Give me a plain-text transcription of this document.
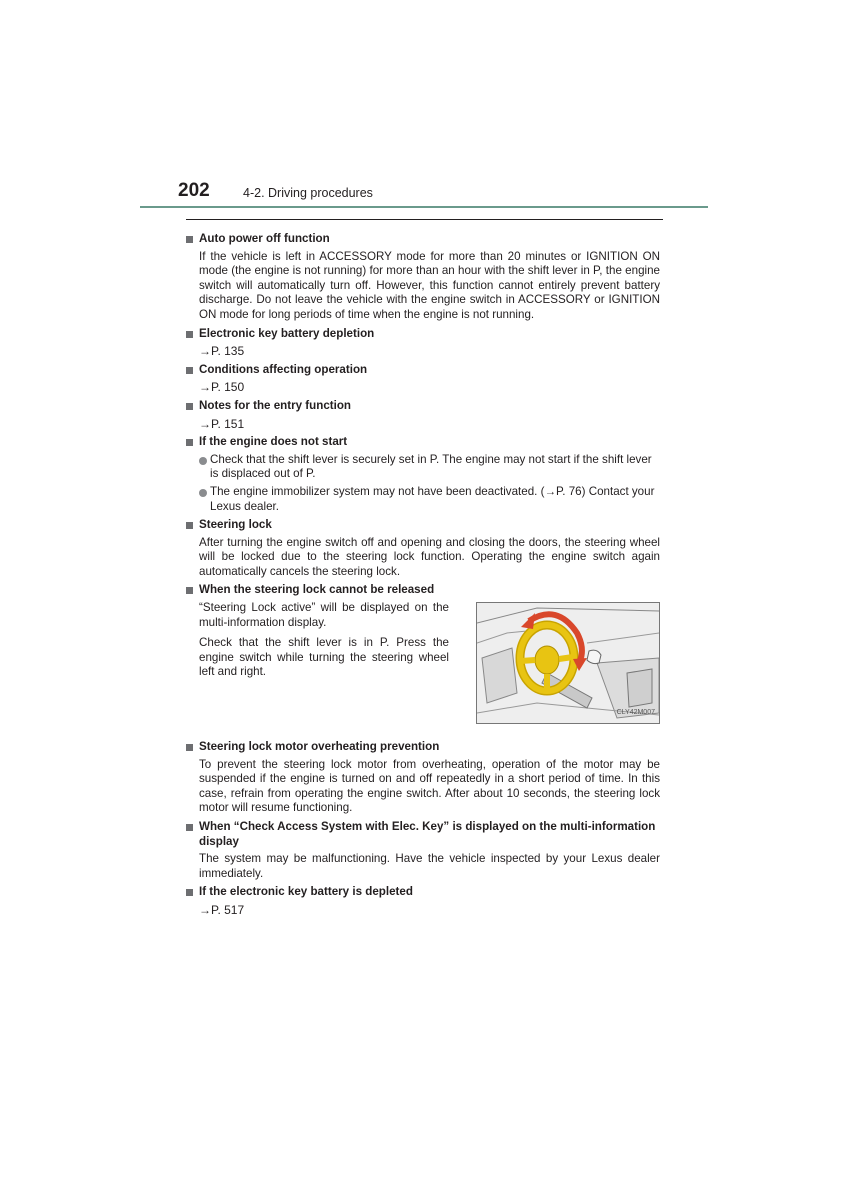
202	4-2. Driving procedures
Auto power off function
If the vehicle is left in ACCESSORY mode for more than 20 minutes or IGNITION ON mode (the engine is not running) for more than an hour with the shift lever in P, the engine switch will automatically turn off. However, this function cannot entirely prevent battery discharge. Do not leave the vehicle with the engine switch in ACCESSORY or IGNITION ON mode for long periods of time when the engine is not running.
Electronic key battery depletion
→P. 135
Conditions affecting operation
→P. 150
Notes for the entry function
→P. 151
If the engine does not start
Check that the shift lever is securely set in P. The engine may not start if the shift lever is displaced out of P.
The engine immobilizer system may not have been deactivated. (→P. 76) Contact your Lexus dealer.
Steering lock
After turning the engine switch off and opening and closing the doors, the steering wheel will be locked due to the steering lock function. Operating the engine switch again automatically cancels the steering lock.
When the steering lock cannot be released

“Steering Lock active” will be displayed on the multi-information display.

Check that the shift lever is in P. Press the engine switch while turning the steering wheel left and right.

CLY42M007
Steering lock motor overheating prevention
To prevent the steering lock motor from overheating, operation of the motor may be suspended if the engine is turned on and off repeatedly in a short period of time. In this case, refrain from operating the engine switch. After about 10 seconds, the steering lock motor will resume functioning.
When “Check Access System with Elec. Key” is displayed on the multi-information display
The system may be malfunctioning. Have the vehicle inspected by your Lexus dealer immediately.
If the electronic key battery is depleted
→P. 517
